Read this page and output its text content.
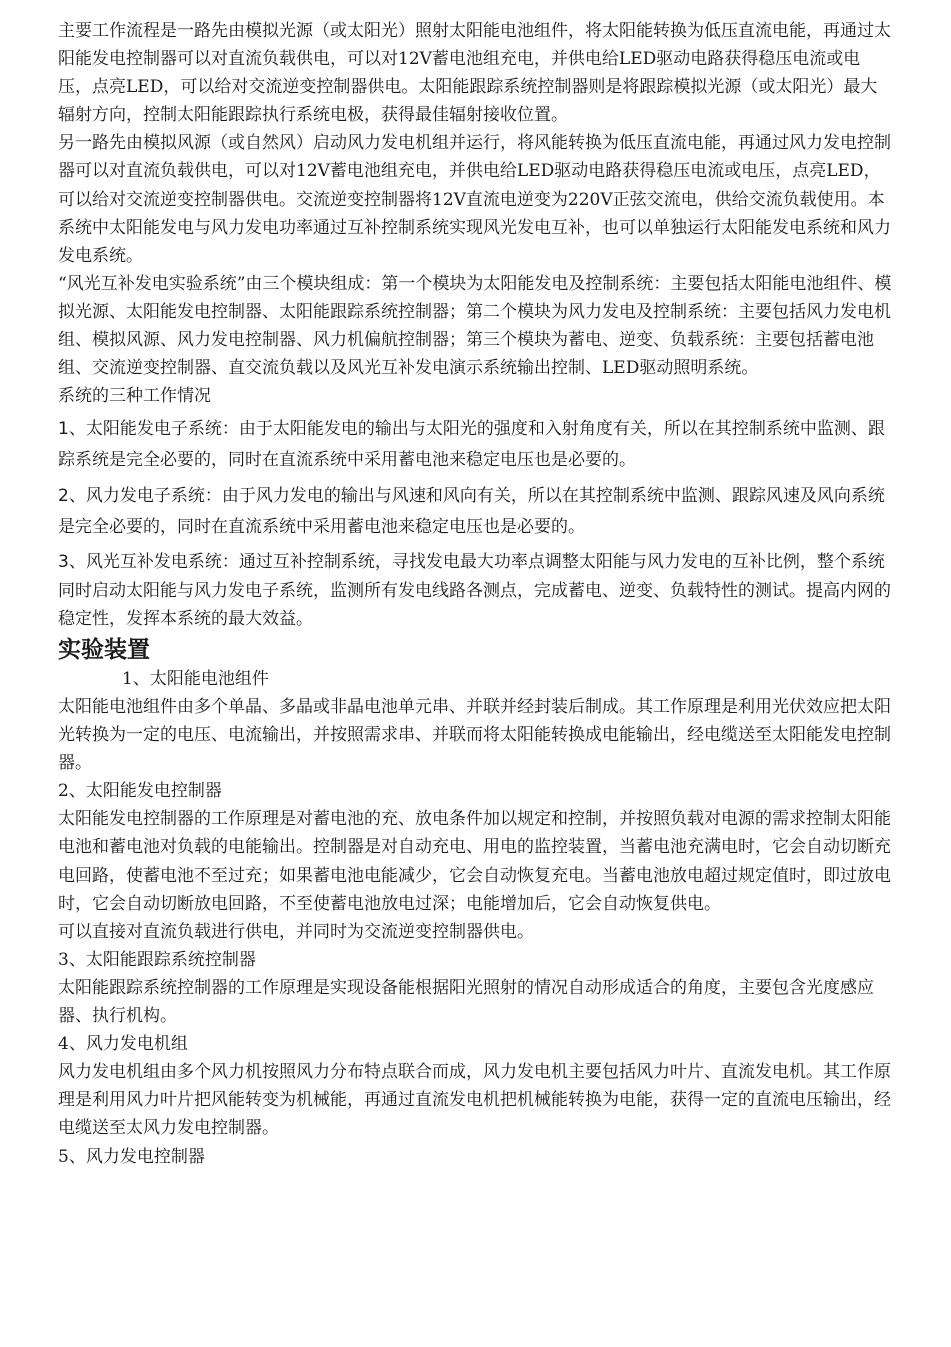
主要工作流程是一路先由模拟光源（或太阳光）照射太阳能电池组件，将太阳能转换为低压直流电能，再通过太阳能发电控制器可以对直流负载供电，可以对12V蓄电池组充电，并供电给LED驱动电路获得稳压电流或电压，点亮LED，可以给对交流逆变控制器供电。太阳能跟踪系统控制器则是将跟踪模拟光源（或太阳光）最大辐射方向，控制太阳能跟踪执行系统电极，获得最佳辐射接收位置。

另一路先由模拟风源（或自然风）启动风力发电机组并运行，将风能转换为低压直流电能，再通过风力发电控制器可以对直流负载供电，可以对12V蓄电池组充电，并供电给LED驱动电路获得稳压电流或电压，点亮LED，可以给对交流逆变控制器供电。交流逆变控制器将12V直流电逆变为220V正弦交流电，供给交流负载使用。本系统中太阳能发电与风力发电功率通过互补控制系统实现风光发电互补，也可以单独运行太阳能发电系统和风力发电系统。

“风光互补发电实验系统”由三个模块组成：第一个模块为太阳能发电及控制系统：主要包括太阳能电池组件、模拟光源、太阳能发电控制器、太阳能跟踪系统控制器；第二个模块为风力发电及控制系统：主要包括风力发电机组、模拟风源、风力发电控制器、风力机偏航控制器；第三个模块为蓄电、逆变、负载系统：主要包括蓄电池组、交流逆变控制器、直交流负载以及风光互补发电演示系统输出控制、LED驱动照明系统。

系统的三种工作情况

1、太阳能发电子系统：由于太阳能发电的输出与太阳光的强度和入射角度有关，所以在其控制系统中监测、跟踪系统是完全必要的，同时在直流系统中采用蓄电池来稳定电压也是必要的。

2、风力发电子系统：由于风力发电的输出与风速和风向有关，所以在其控制系统中监测、跟踪风速及风向系统是完全必要的，同时在直流系统中采用蓄电池来稳定电压也是必要的。

3、风光互补发电系统：通过互补控制系统，寻找发电最大功率点调整太阳能与风力发电的互补比例，整个系统同时启动太阳能与风力发电子系统，监测所有发电线路各测点，完成蓄电、逆变、负载特性的测试。提高内网的稳定性，发挥本系统的最大效益。

实验装置

1、太阳能电池组件

太阳能电池组件由多个单晶、多晶或非晶电池单元串、并联并经封装后制成。其工作原理是利用光伏效应把太阳光转换为一定的电压、电流输出，并按照需求串、并联而将太阳能转换成电能输出，经电缆送至太阳能发电控制器。

2、太阳能发电控制器

太阳能发电控制器的工作原理是对蓄电池的充、放电条件加以规定和控制，并按照负载对电源的需求控制太阳能电池和蓄电池对负载的电能输出。控制器是对自动充电、用电的监控装置，当蓄电池充满电时，它会自动切断充电回路，使蓄电池不至过充；如果蓄电池电能减少，它会自动恢复充电。当蓄电池放电超过规定值时，即过放电时，它会自动切断放电回路，不至使蓄电池放电过深；电能增加后，它会自动恢复供电。

可以直接对直流负载进行供电，并同时为交流逆变控制器供电。

3、太阳能跟踪系统控制器

太阳能跟踪系统控制器的工作原理是实现设备能根据阳光照射的情况自动形成适合的角度，主要包含光度感应器、执行机构。

4、风力发电机组

风力发电机组由多个风力机按照风力分布特点联合而成，风力发电机主要包括风力叶片、直流发电机。其工作原理是利用风力叶片把风能转变为机械能，再通过直流发电机把机械能转换为电能，获得一定的直流电压输出，经电缆送至太风力发电控制器。

5、风力发电控制器
